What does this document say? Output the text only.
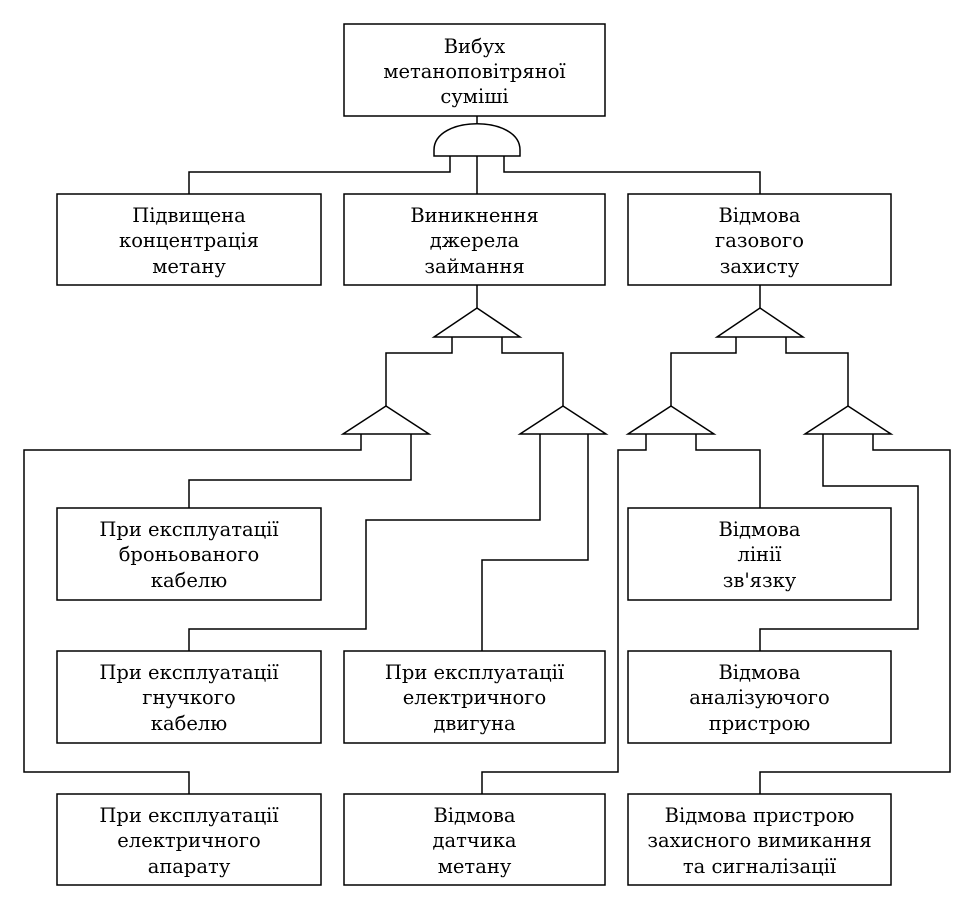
Вибух
метаноповітряної
суміші
Підвищена
концентрація
метану
Виникнення
джерела
займання
Відмова
газового
захисту
При експлуатації
броньованого
кабелю
Відмова
лінії
зв'язку
При експлуатації
гнучкого
кабелю
При експлуатації
електричного
двигуна
Відмова
аналізуючого
пристрою
При експлуатації
електричного
апарату
Відмова
датчика
метану
Відмова пристрою
захисного вимикання
та сигналізації
